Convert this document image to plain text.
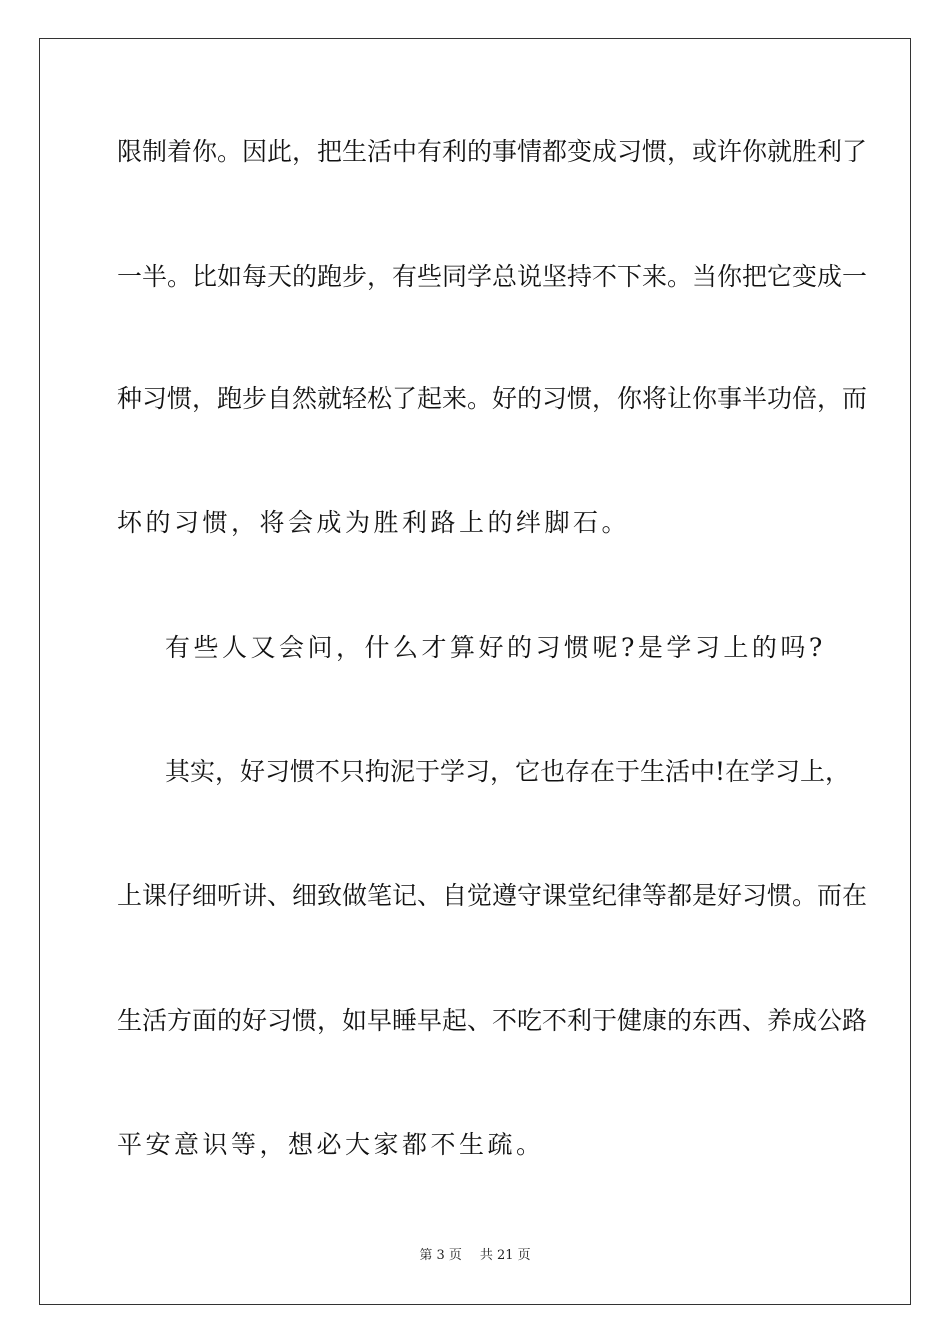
限制着你。因此，把生活中有利的事情都变成习惯，或许你就胜利了
一半。比如每天的跑步，有些同学总说坚持不下来。当你把它变成一
种习惯，跑步自然就轻松了起来。好的习惯，你将让你事半功倍，而
坏的习惯，将会成为胜利路上的绊脚石。
有些人又会问，什么才算好的习惯呢?是学习上的吗?
其实，好习惯不只拘泥于学习，它也存在于生活中!在学习上，
上课仔细听讲、细致做笔记、自觉遵守课堂纪律等都是好习惯。而在
生活方面的好习惯，如早睡早起、不吃不利于健康的东西、养成公路
平安意识等，想必大家都不生疏。
第 3 页 共 21 页
